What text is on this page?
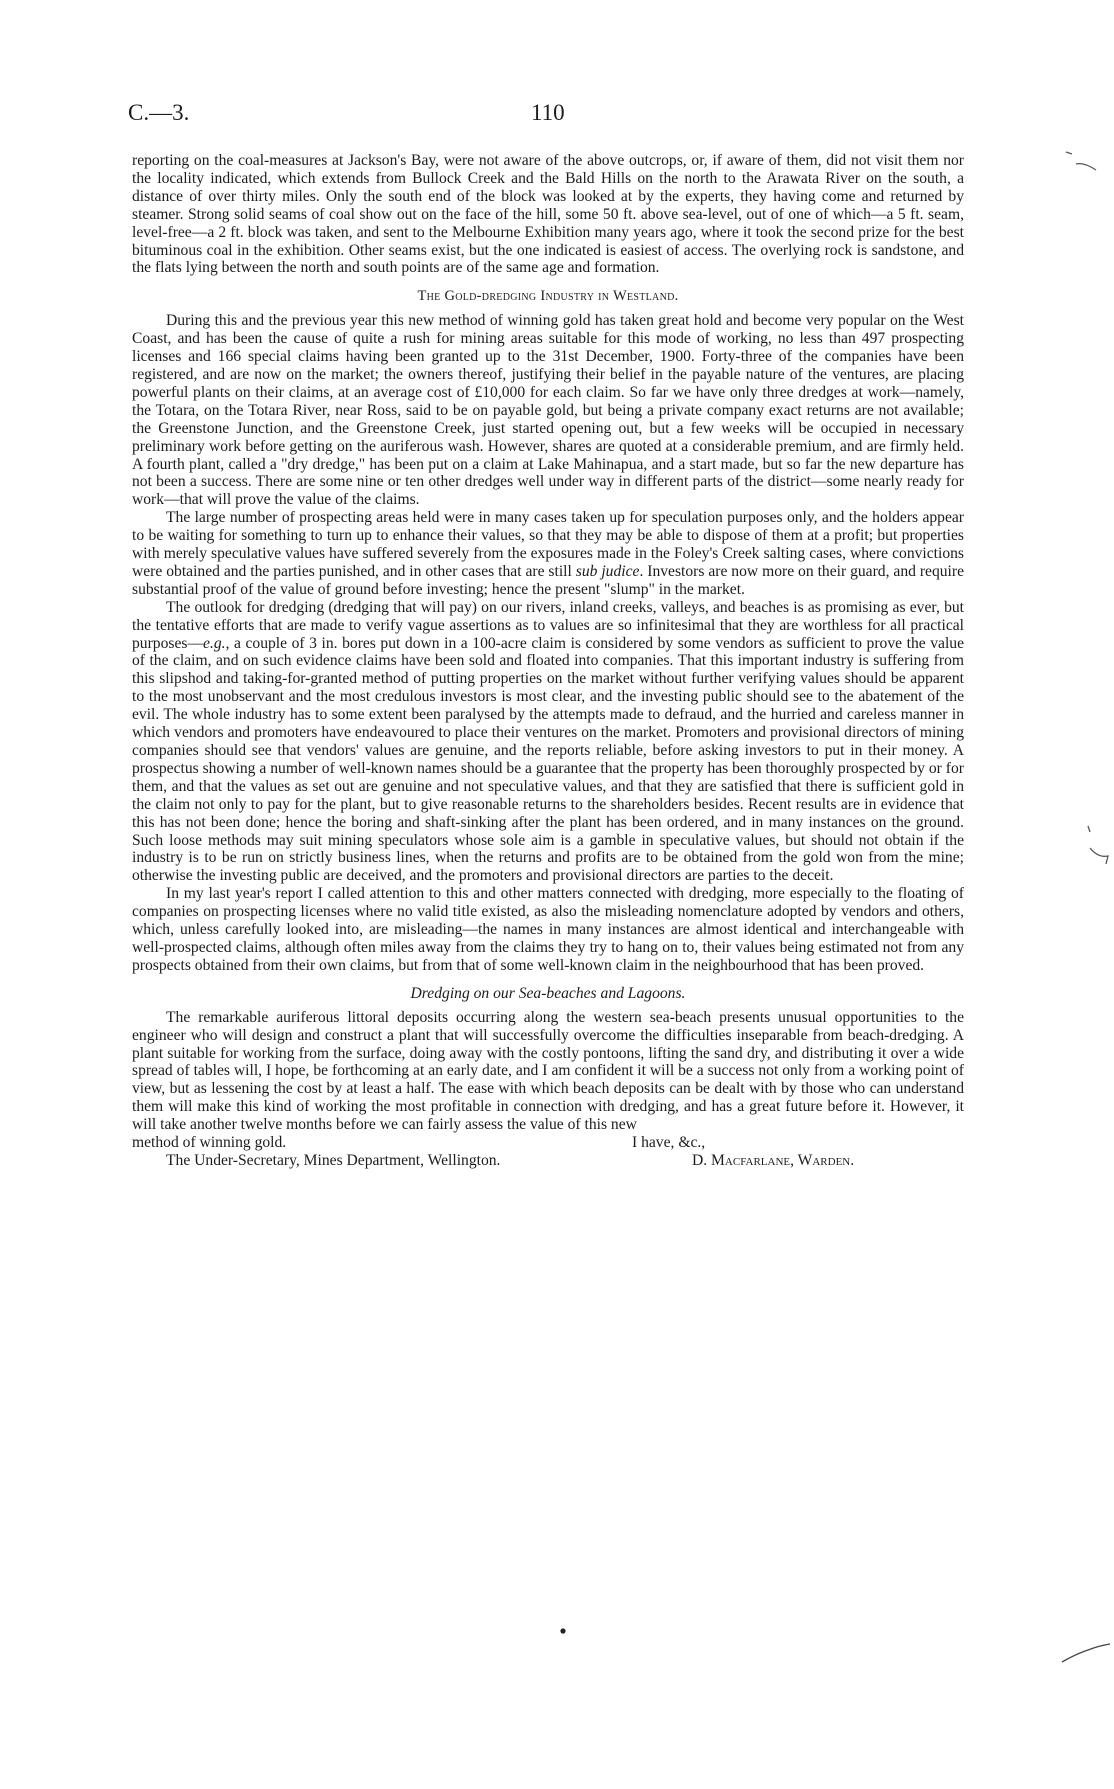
C.—3.	110

reporting on the coal-measures at Jackson's Bay, were not aware of the above outcrops, or, if aware of them, did not visit them nor the locality indicated, which extends from Bullock Creek and the Bald Hills on the north to the Arawata River on the south, a distance of over thirty miles. Only the south end of the block was looked at by the experts, they having come and returned by steamer. Strong solid seams of coal show out on the face of the hill, some 50 ft. above sea-level, out of one of which—a 5 ft. seam, level-free—a 2 ft. block was taken, and sent to the Melbourne Exhibition many years ago, where it took the second prize for the best bituminous coal in the exhibition. Other seams exist, but the one indicated is easiest of access. The overlying rock is sandstone, and the flats lying between the north and south points are of the same age and formation.

The Gold-dredging Industry in Westland.

During this and the previous year this new method of winning gold has taken great hold and become very popular on the West Coast, and has been the cause of quite a rush for mining areas suitable for this mode of working, no less than 497 prospecting licenses and 166 special claims having been granted up to the 31st December, 1900. Forty-three of the companies have been registered, and are now on the market; the owners thereof, justifying their belief in the payable nature of the ventures, are placing powerful plants on their claims, at an average cost of £10,000 for each claim. So far we have only three dredges at work—namely, the Totara, on the Totara River, near Ross, said to be on payable gold, but being a private company exact returns are not available; the Greenstone Junction, and the Greenstone Creek, just started opening out, but a few weeks will be occupied in necessary preliminary work before getting on the auriferous wash. However, shares are quoted at a considerable premium, and are firmly held. A fourth plant, called a "dry dredge," has been put on a claim at Lake Mahinapua, and a start made, but so far the new departure has not been a success. There are some nine or ten other dredges well under way in different parts of the district—some nearly ready for work—that will prove the value of the claims.

The large number of prospecting areas held were in many cases taken up for speculation purposes only, and the holders appear to be waiting for something to turn up to enhance their values, so that they may be able to dispose of them at a profit; but properties with merely speculative values have suffered severely from the exposures made in the Foley's Creek salting cases, where convictions were obtained and the parties punished, and in other cases that are still sub judice. Investors are now more on their guard, and require substantial proof of the value of ground before investing; hence the present "slump" in the market.

The outlook for dredging (dredging that will pay) on our rivers, inland creeks, valleys, and beaches is as promising as ever, but the tentative efforts that are made to verify vague assertions as to values are so infinitesimal that they are worthless for all practical purposes—e.g., a couple of 3 in. bores put down in a 100-acre claim is considered by some vendors as sufficient to prove the value of the claim, and on such evidence claims have been sold and floated into companies. That this important industry is suffering from this slipshod and taking-for-granted method of putting properties on the market without further verifying values should be apparent to the most unobservant and the most credulous investors is most clear, and the investing public should see to the abatement of the evil. The whole industry has to some extent been paralysed by the attempts made to defraud, and the hurried and careless manner in which vendors and promoters have endeavoured to place their ventures on the market. Promoters and provisional directors of mining companies should see that vendors' values are genuine, and the reports reliable, before asking investors to put in their money. A prospectus showing a number of well-known names should be a guarantee that the property has been thoroughly prospected by or for them, and that the values as set out are genuine and not speculative values, and that they are satisfied that there is sufficient gold in the claim not only to pay for the plant, but to give reasonable returns to the shareholders besides. Recent results are in evidence that this has not been done; hence the boring and shaft-sinking after the plant has been ordered, and in many instances on the ground. Such loose methods may suit mining speculators whose sole aim is a gamble in speculative values, but should not obtain if the industry is to be run on strictly business lines, when the returns and profits are to be obtained from the gold won from the mine; otherwise the investing public are deceived, and the promoters and provisional directors are parties to the deceit.

In my last year's report I called attention to this and other matters connected with dredging, more especially to the floating of companies on prospecting licenses where no valid title existed, as also the misleading nomenclature adopted by vendors and others, which, unless carefully looked into, are misleading—the names in many instances are almost identical and interchangeable with well-prospected claims, although often miles away from the claims they try to hang on to, their values being estimated not from any prospects obtained from their own claims, but from that of some well-known claim in the neighbourhood that has been proved.

Dredging on our Sea-beaches and Lagoons.

The remarkable auriferous littoral deposits occurring along the western sea-beach presents unusual opportunities to the engineer who will design and construct a plant that will successfully overcome the difficulties inseparable from beach-dredging. A plant suitable for working from the surface, doing away with the costly pontoons, lifting the sand dry, and distributing it over a wide spread of tables will, I hope, be forthcoming at an early date, and I am confident it will be a success not only from a working point of view, but as lessening the cost by at least a half. The ease with which beach deposits can be dealt with by those who can understand them will make this kind of working the most profitable in connection with dredging, and has a great future before it. However, it will take another twelve months before we can fairly assess the value of this new

method of winning gold.	I have, &c.,
The Under-Secretary, Mines Department, Wellington.	D. Macfarlane, Warden.
